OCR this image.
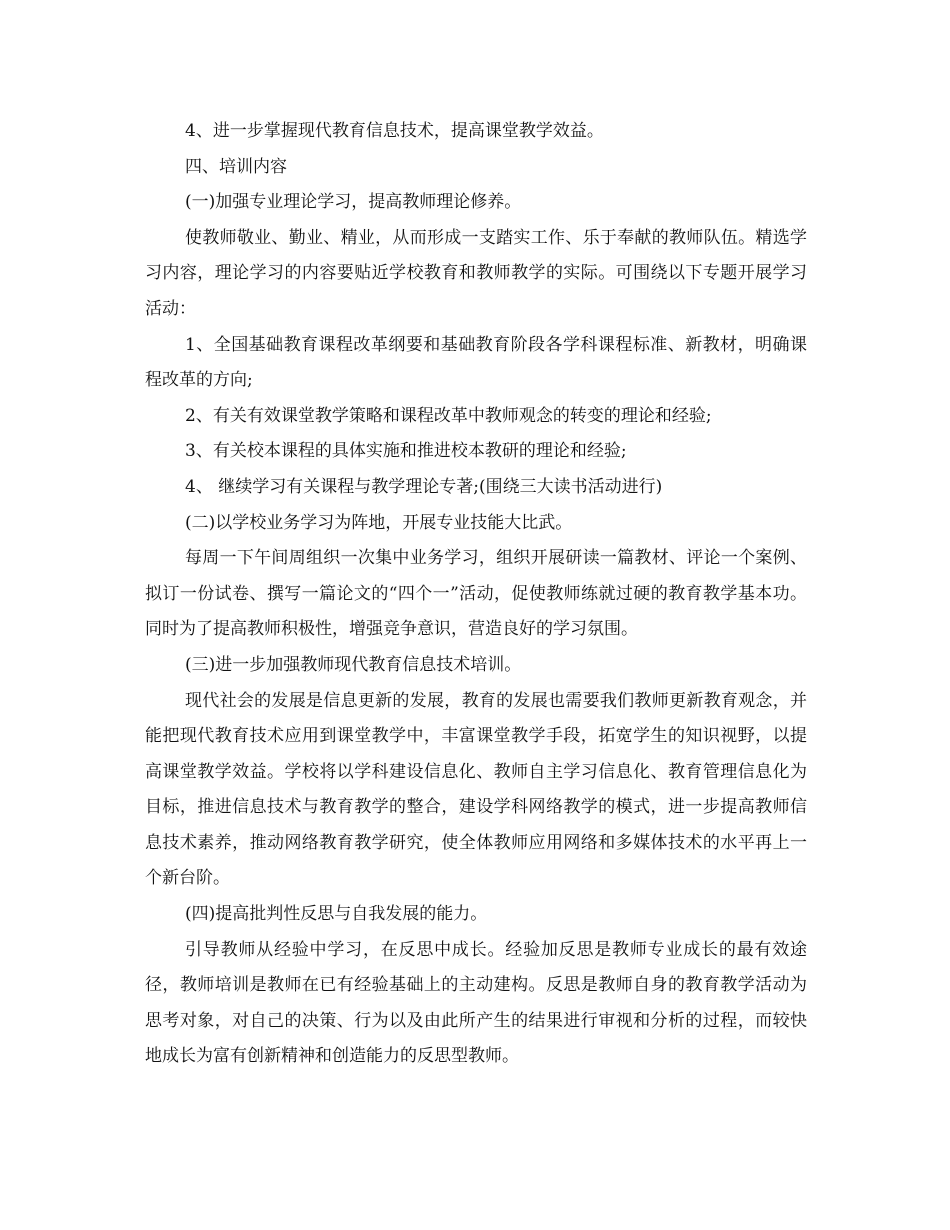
4、进一步掌握现代教育信息技术，提高课堂教学效益。

四、培训内容

(一)加强专业理论学习，提高教师理论修养。

使教师敬业、勤业、精业，从而形成一支踏实工作、乐于奉献的教师队伍。精选学习内容，理论学习的内容要贴近学校教育和教师教学的实际。可围绕以下专题开展学习活动：

1、全国基础教育课程改革纲要和基础教育阶段各学科课程标准、新教材，明确课程改革的方向;

2、有关有效课堂教学策略和课程改革中教师观念的转变的理论和经验;

3、有关校本课程的具体实施和推进校本教研的理论和经验;

4、 继续学习有关课程与教学理论专著;(围绕三大读书活动进行)

(二)以学校业务学习为阵地，开展专业技能大比武。

每周一下午间周组织一次集中业务学习，组织开展研读一篇教材、评论一个案例、拟订一份试卷、撰写一篇论文的“四个一”活动，促使教师练就过硬的教育教学基本功。同时为了提高教师积极性，增强竞争意识，营造良好的学习氛围。

(三)进一步加强教师现代教育信息技术培训。

现代社会的发展是信息更新的发展，教育的发展也需要我们教师更新教育观念，并能把现代教育技术应用到课堂教学中，丰富课堂教学手段，拓宽学生的知识视野，以提高课堂教学效益。学校将以学科建设信息化、教师自主学习信息化、教育管理信息化为目标，推进信息技术与教育教学的整合，建设学科网络教学的模式，进一步提高教师信息技术素养，推动网络教育教学研究，使全体教师应用网络和多媒体技术的水平再上一个新台阶。

(四)提高批判性反思与自我发展的能力。

引导教师从经验中学习，在反思中成长。经验加反思是教师专业成长的最有效途径，教师培训是教师在已有经验基础上的主动建构。反思是教师自身的教育教学活动为思考对象，对自己的决策、行为以及由此所产生的结果进行审视和分析的过程，而较快地成长为富有创新精神和创造能力的反思型教师。
